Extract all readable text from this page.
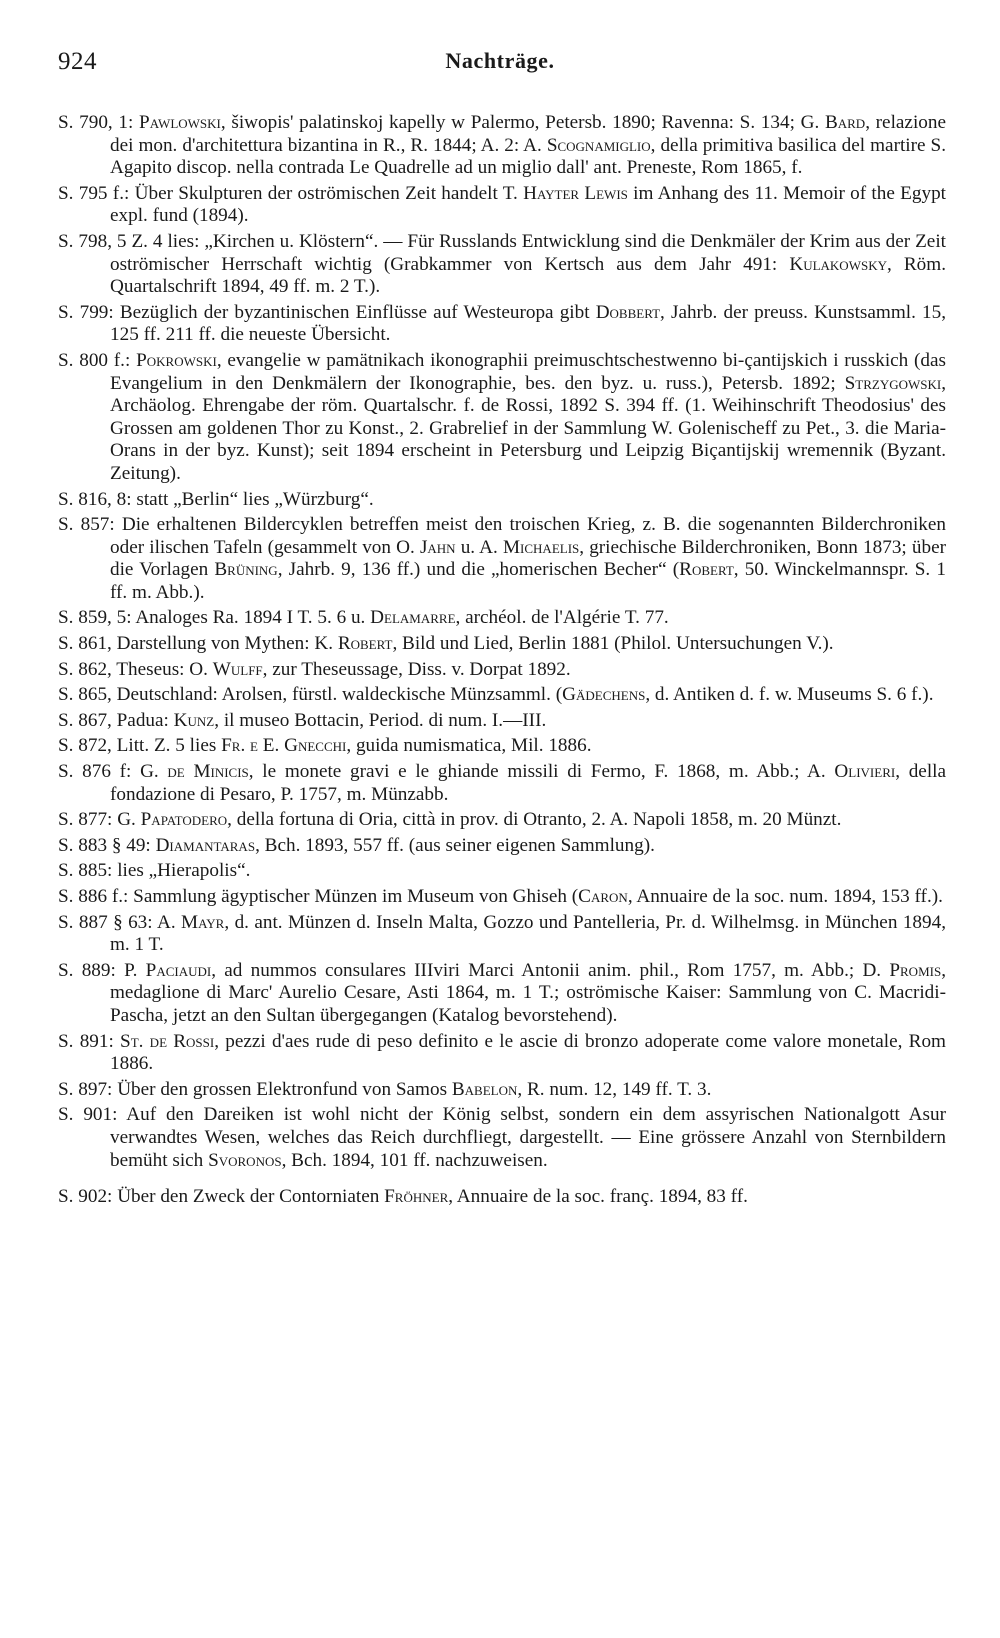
924	Nachträge.

S. 790, 1: Pawlowski, šiwopis' palatinskoj kapelly w Palermo, Petersb. 1890; Ravenna: S. 134; G. Bard, relazione dei mon. d'architettura bizantina in R., R. 1844; A. 2: A. Scognamiglio, della primitiva basilica del martire S. Agapito discop. nella contrada Le Quadrelle ad un miglio dall' ant. Preneste, Rom 1865, f.

S. 795 f.: Über Skulpturen der oströmischen Zeit handelt T. Hayter Lewis im Anhang des 11. Memoir of the Egypt expl. fund (1894).

S. 798, 5 Z. 4 lies: „Kirchen u. Klöstern“. — Für Russlands Entwicklung sind die Denkmäler der Krim aus der Zeit oströmischer Herrschaft wichtig (Grabkammer von Kertsch aus dem Jahr 491: Kulakowsky, Röm. Quartalschrift 1894, 49 ff. m. 2 T.).

S. 799: Bezüglich der byzantinischen Einflüsse auf Westeuropa gibt Dobbert, Jahrb. der preuss. Kunstsamml. 15, 125 ff. 211 ff. die neueste Übersicht.

S. 800 f.: Pokrowski, evangelie w pamätnikach ikonographii preimuschtschestwenno bi-çantijskich i russkich (das Evangelium in den Denkmälern der Ikonographie, bes. den byz. u. russ.), Petersb. 1892; Strzygowski, Archäolog. Ehrengabe der röm. Quartalschr. f. de Rossi, 1892 S. 394 ff. (1. Weihinschrift Theodosius' des Grossen am goldenen Thor zu Konst., 2. Grabrelief in der Sammlung W. Golenischeff zu Pet., 3. die Maria-Orans in der byz. Kunst); seit 1894 erscheint in Petersburg und Leipzig Biçantijskij wremennik (Byzant. Zeitung).

S. 816, 8: statt „Berlin“ lies „Würzburg“.

S. 857: Die erhaltenen Bildercyklen betreffen meist den troischen Krieg, z. B. die sogenannten Bilderchroniken oder ilischen Tafeln (gesammelt von O. Jahn u. A. Michaelis, griechische Bilderchroniken, Bonn 1873; über die Vorlagen Brüning, Jahrb. 9, 136 ff.) und die „homerischen Becher“ (Robert, 50. Winckelmannspr. S. 1 ff. m. Abb.).

S. 859, 5: Analoges Ra. 1894 I T. 5. 6 u. Delamarre, archéol. de l'Algérie T. 77.

S. 861, Darstellung von Mythen: K. Robert, Bild und Lied, Berlin 1881 (Philol. Untersuchungen V.).

S. 862, Theseus: O. Wulff, zur Theseussage, Diss. v. Dorpat 1892.

S. 865, Deutschland: Arolsen, fürstl. waldeckische Münzsamml. (Gädechens, d. Antiken d. f. w. Museums S. 6 f.).

S. 867, Padua: Kunz, il museo Bottacin, Period. di num. I.—III.

S. 872, Litt. Z. 5 lies Fr. e E. Gnecchi, guida numismatica, Mil. 1886.

S. 876 f: G. de Minicis, le monete gravi e le ghiande missili di Fermo, F. 1868, m. Abb.; A. Olivieri, della fondazione di Pesaro, P. 1757, m. Münzabb.

S. 877: G. Papatodero, della fortuna di Oria, città in prov. di Otranto, 2. A. Napoli 1858, m. 20 Münzt.

S. 883 § 49: Diamantaras, Bch. 1893, 557 ff. (aus seiner eigenen Sammlung).

S. 885: lies „Hierapolis“.

S. 886 f.: Sammlung ägyptischer Münzen im Museum von Ghiseh (Caron, Annuaire de la soc. num. 1894, 153 ff.).

S. 887 § 63: A. Mayr, d. ant. Münzen d. Inseln Malta, Gozzo und Pantelleria, Pr. d. Wilhelmsg. in München 1894, m. 1 T.

S. 889: P. Paciaudi, ad nummos consulares IIIviri Marci Antonii anim. phil., Rom 1757, m. Abb.; D. Promis, medaglione di Marc' Aurelio Cesare, Asti 1864, m. 1 T.; oströmische Kaiser: Sammlung von C. Macridi-Pascha, jetzt an den Sultan übergegangen (Katalog bevorstehend).

S. 891: St. de Rossi, pezzi d'aes rude di peso definito e le ascie di bronzo adoperate come valore monetale, Rom 1886.

S. 897: Über den grossen Elektronfund von Samos Babelon, R. num. 12, 149 ff. T. 3.

S. 901: Auf den Dareiken ist wohl nicht der König selbst, sondern ein dem assyrischen Nationalgott Asur verwandtes Wesen, welches das Reich durchfliegt, dargestellt. — Eine grössere Anzahl von Sternbildern bemüht sich Svoronos, Bch. 1894, 101 ff. nachzuweisen.

S. 902: Über den Zweck der Contorniaten Fröhner, Annuaire de la soc. franç. 1894, 83 ff.
